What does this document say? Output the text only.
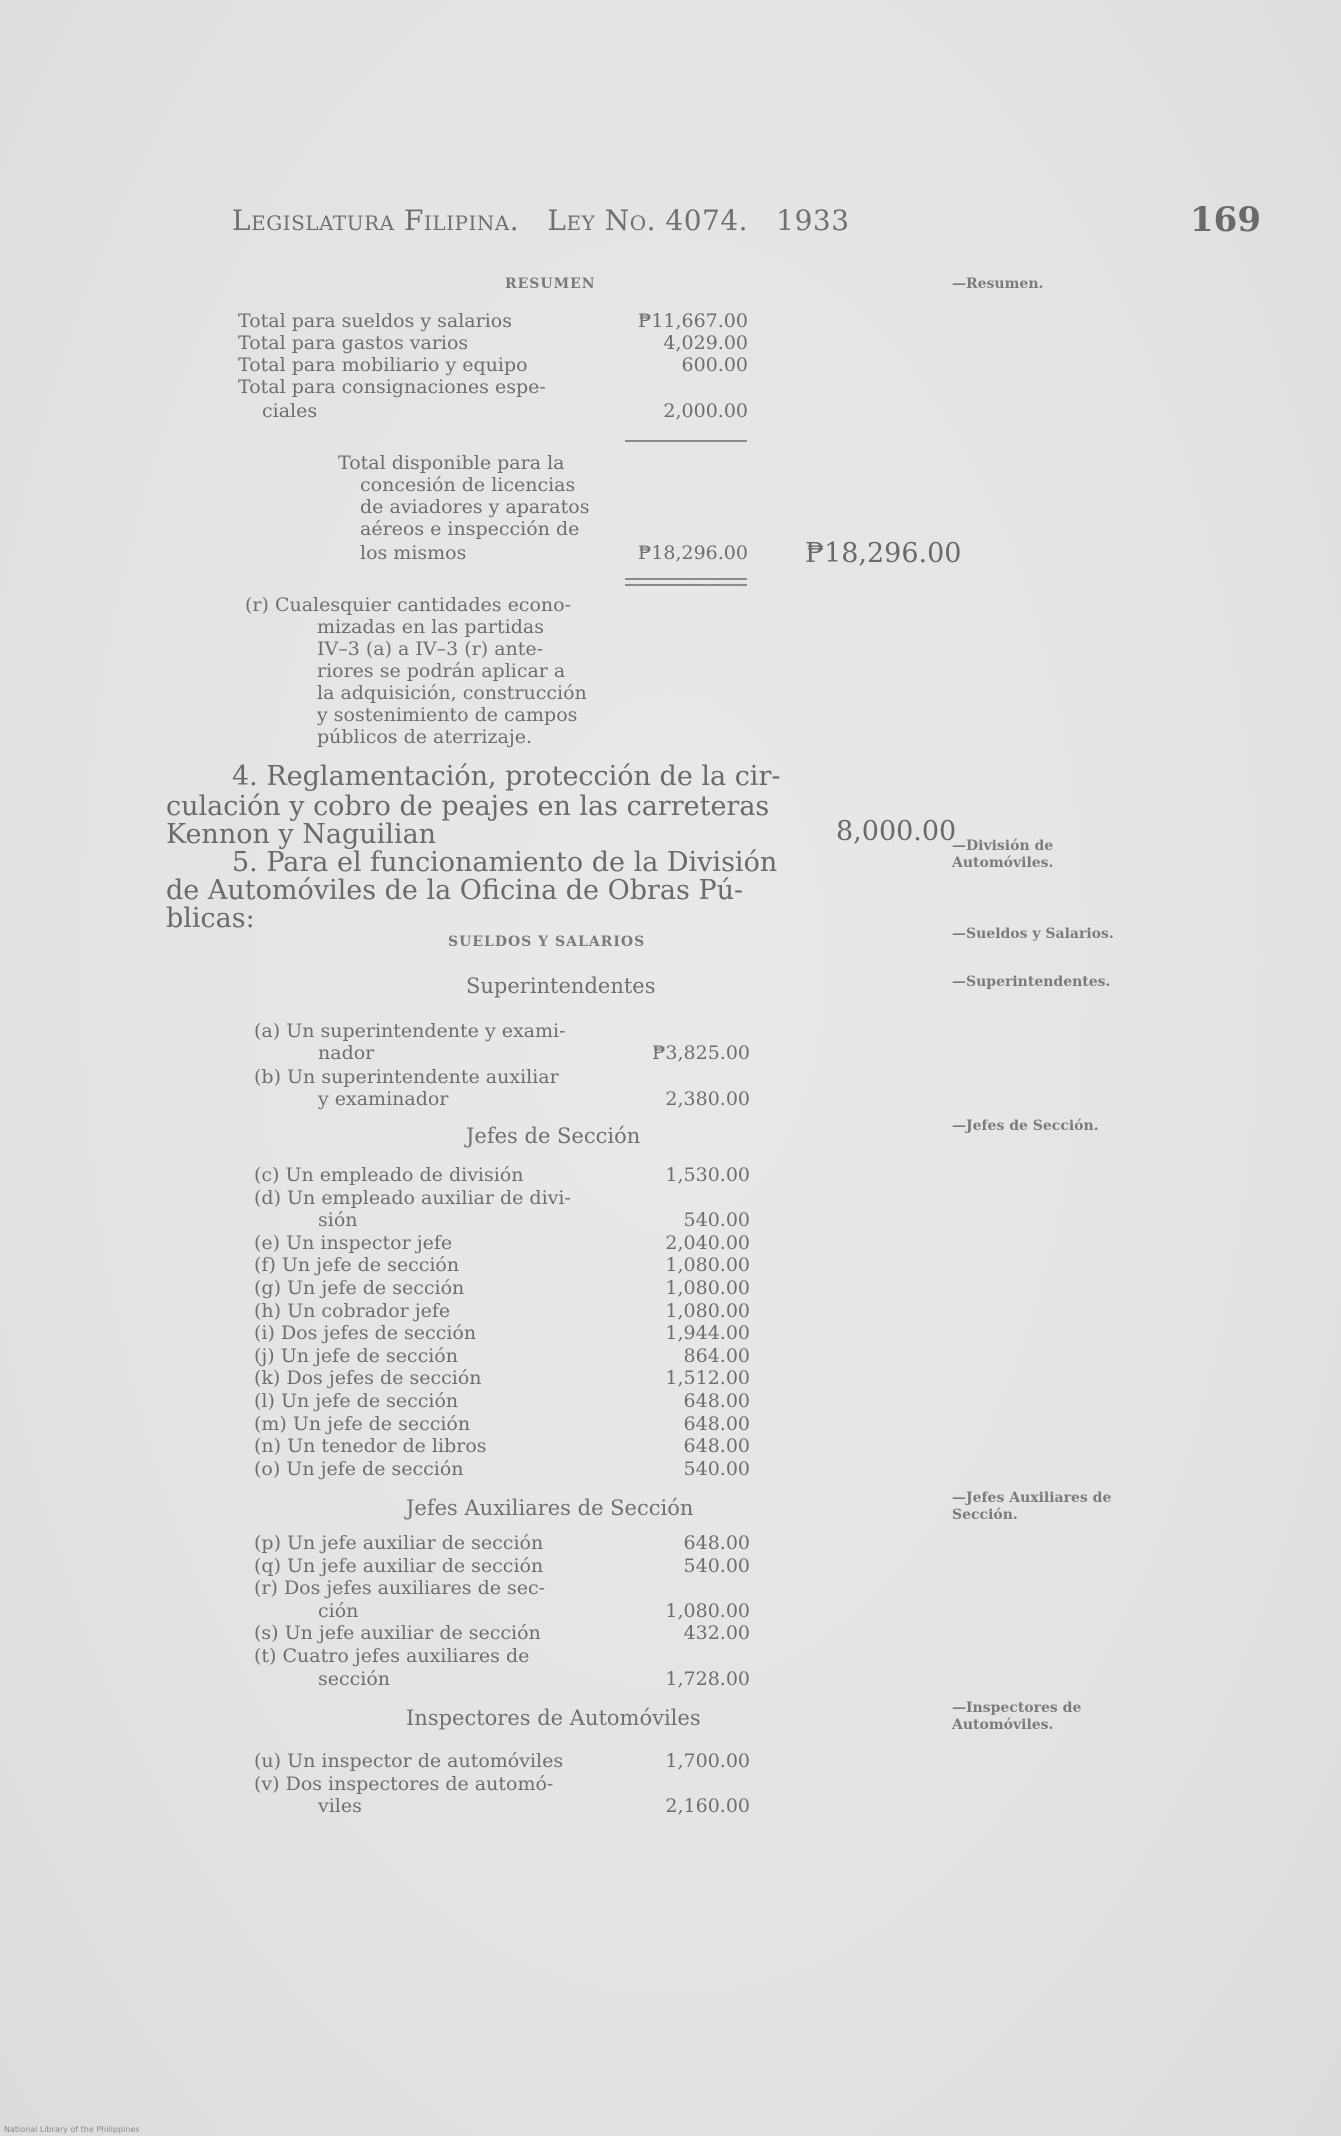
Legislatura Filipina. Ley No. 4074. 1933	169
RESUMEN	—Resumen.
Total para sueldos y salarios	₱11,667.00
Total para gastos varios	4,029.00
Total para mobiliario y equipo	600.00
Total para consignaciones espe-
ciales	2,000.00
Total disponible para la
concesión de licencias
de aviadores y aparatos
aéreos e inspección de
los mismos	₱18,296.00 ₱18,296.00
(r) Cualesquier cantidades econo-
mizadas en las partidas
IV–3 (a) a IV–3 (r) ante-
riores se podrán aplicar a
la adquisición, construcción
y sostenimiento de campos
públicos de aterrizaje.
4. Reglamentación, protección de la cir-
culación y cobro de peajes en las carreteras
Kennon y Naguilian	8,000.00
5. Para el funcionamiento de la División
de Automóviles de la Oficina de Obras Pú-
blicas:
—División de Automóviles.
SUELDOS Y SALARIOS	—Sueldos y Salarios.
Superintendentes	—Superintendentes.
(a) Un superintendente y exami-
nador	₱3,825.00
(b) Un superintendente auxiliar
y examinador	2,380.00
Jefes de Sección	—Jefes de Sección.
(c) Un empleado de división	1,530.00
(d) Un empleado auxiliar de divi-
sión	540.00
(e) Un inspector jefe	2,040.00
(f) Un jefe de sección	1,080.00
(g) Un jefe de sección	1,080.00
(h) Un cobrador jefe	1,080.00
(i) Dos jefes de sección	1,944.00
(j) Un jefe de sección	864.00
(k) Dos jefes de sección	1,512.00
(l) Un jefe de sección	648.00
(m) Un jefe de sección	648.00
(n) Un tenedor de libros	648.00
(o) Un jefe de sección	540.00
Jefes Auxiliares de Sección	—Jefes Auxiliares de Sección.
(p) Un jefe auxiliar de sección	648.00
(q) Un jefe auxiliar de sección	540.00
(r) Dos jefes auxiliares de sec-
ción	1,080.00
(s) Un jefe auxiliar de sección	432.00
(t) Cuatro jefes auxiliares de
sección	1,728.00
Inspectores de Automóviles	—Inspectores de Automóviles.
(u) Un inspector de automóviles	1,700.00
(v) Dos inspectores de automó-
viles	2,160.00
National Library of the Philippines
